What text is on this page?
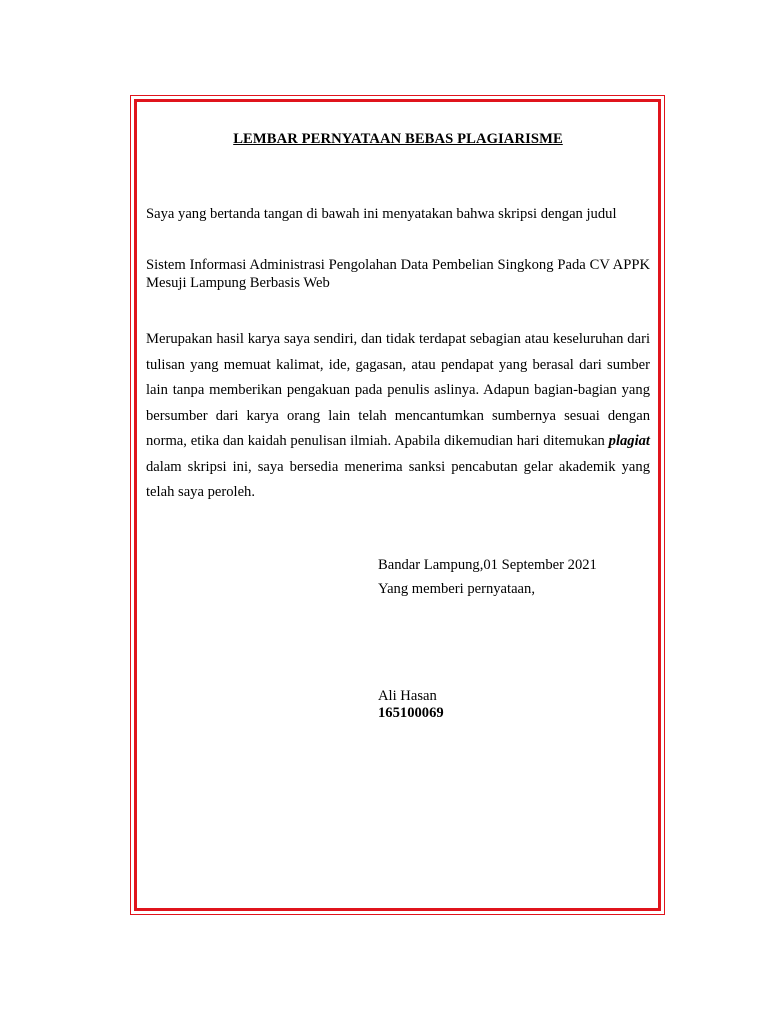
LEMBAR PERNYATAAN BEBAS PLAGIARISME
Saya yang bertanda tangan di bawah ini menyatakan bahwa skripsi dengan judul
Sistem Informasi Administrasi Pengolahan Data Pembelian Singkong Pada CV APPK Mesuji Lampung Berbasis Web
Merupakan hasil karya saya sendiri, dan tidak terdapat sebagian atau keseluruhan dari tulisan yang memuat kalimat, ide, gagasan, atau pendapat yang berasal dari sumber lain tanpa memberikan pengakuan pada penulis aslinya. Adapun bagian-bagian yang bersumber dari karya orang lain telah mencantumkan sumbernya sesuai dengan norma, etika dan kaidah penulisan ilmiah. Apabila dikemudian hari ditemukan plagiat dalam skripsi ini, saya bersedia menerima sanksi pencabutan gelar akademik yang telah saya peroleh.
Bandar Lampung,01 September 2021
Yang memberi pernyataan,
Ali Hasan
165100069
